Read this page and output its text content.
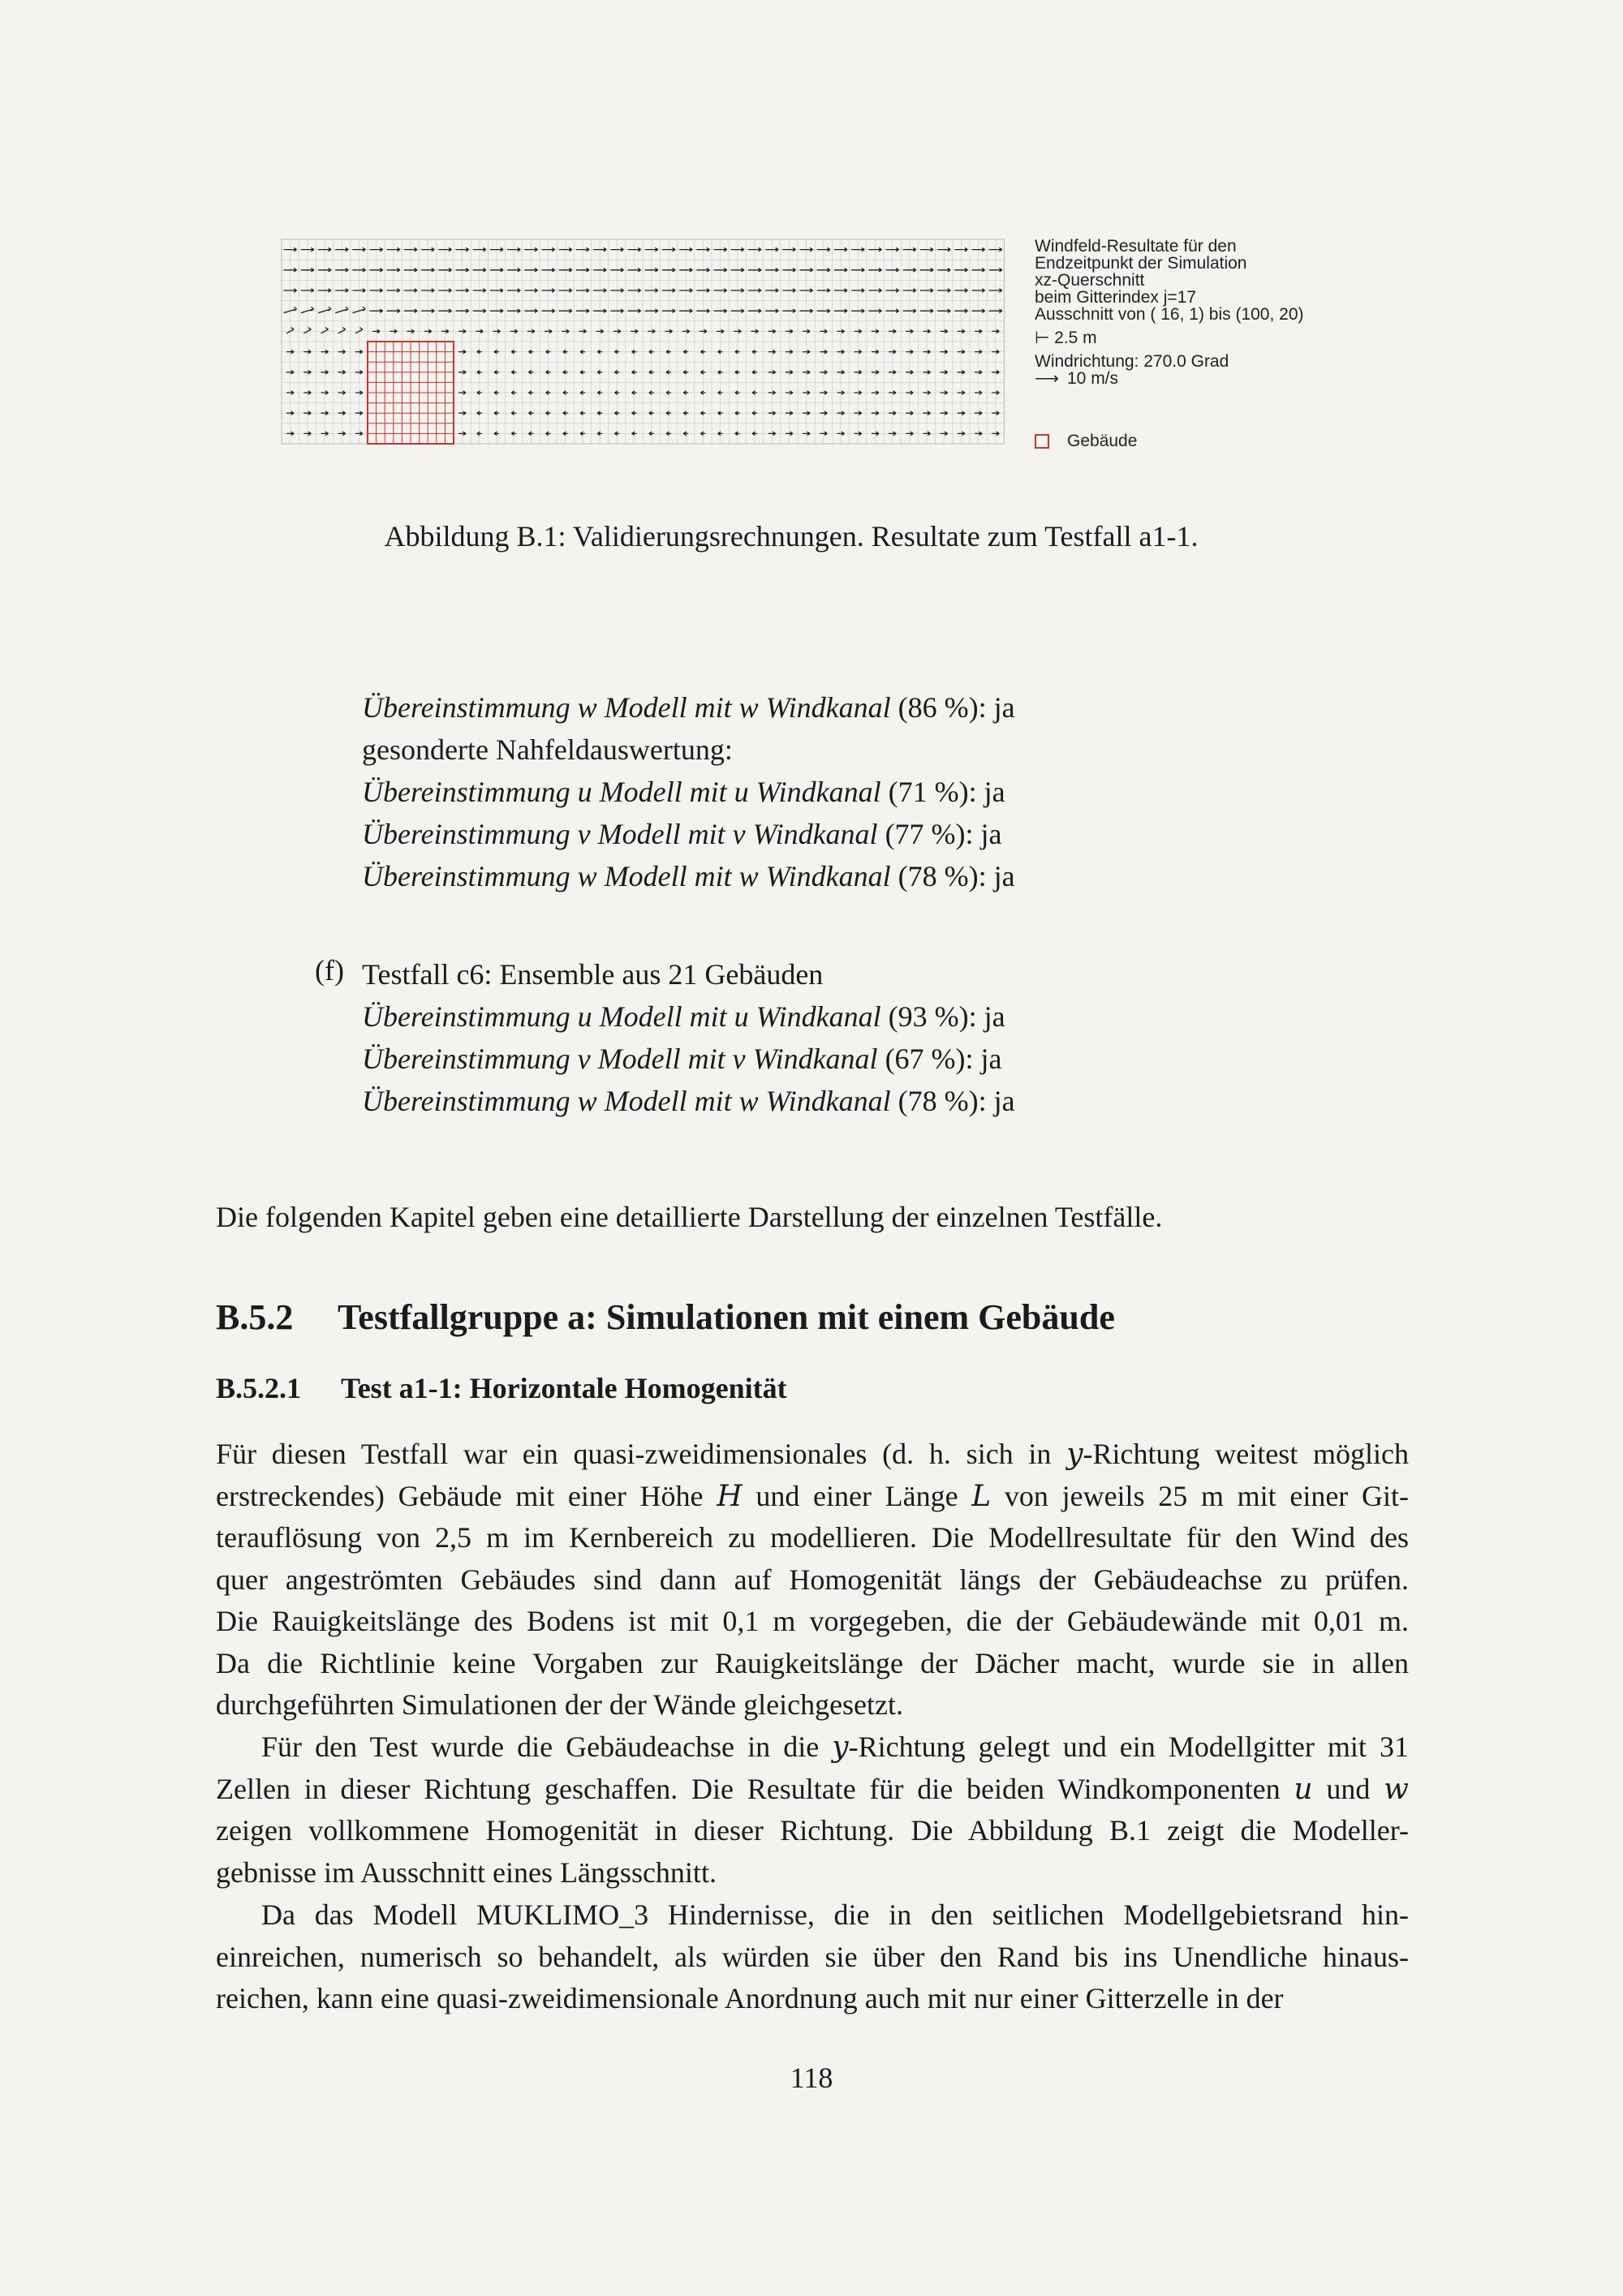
Windfeld-Resultate für den
Endzeitpunkt der Simulation
xz-Querschnitt
beim Gitterindex j=17
Ausschnitt von ( 16, 1) bis (100, 20)
⊢ 2.5 m
Windrichtung: 270.0 Grad
⟶ 10 m/s
Gebäude
Abbildung B.1: Validierungsrechnungen. Resultate zum Testfall a1-1.
Übereinstimmung w Modell mit w Windkanal (86 %): ja
gesonderte Nahfeldauswertung:
Übereinstimmung u Modell mit u Windkanal (71 %): ja
Übereinstimmung v Modell mit v Windkanal (77 %): ja
Übereinstimmung w Modell mit w Windkanal (78 %): ja
(f) Testfall c6: Ensemble aus 21 Gebäuden
Übereinstimmung u Modell mit u Windkanal (93 %): ja
Übereinstimmung v Modell mit v Windkanal (67 %): ja
Übereinstimmung w Modell mit w Windkanal (78 %): ja
Die folgenden Kapitel geben eine detaillierte Darstellung der einzelnen Testfälle.
B.5.2 Testfallgruppe a: Simulationen mit einem Gebäude
B.5.2.1 Test a1-1: Horizontale Homogenität
Für diesen Testfall war ein quasi-zweidimensionales (d. h. sich in y-Richtung weitest möglich
erstreckendes) Gebäude mit einer Höhe H und einer Länge L von jeweils 25 m mit einer Git-
terauflösung von 2,5 m im Kernbereich zu modellieren. Die Modellresultate für den Wind des
quer angeströmten Gebäudes sind dann auf Homogenität längs der Gebäudeachse zu prüfen.
Die Rauigkeitslänge des Bodens ist mit 0,1 m vorgegeben, die der Gebäudewände mit 0,01 m.
Da die Richtlinie keine Vorgaben zur Rauigkeitslänge der Dächer macht, wurde sie in allen
durchgeführten Simulationen der der Wände gleichgesetzt.
Für den Test wurde die Gebäudeachse in die y-Richtung gelegt und ein Modellgitter mit 31
Zellen in dieser Richtung geschaffen. Die Resultate für die beiden Windkomponenten u und w
zeigen vollkommene Homogenität in dieser Richtung. Die Abbildung B.1 zeigt die Modeller-
gebnisse im Ausschnitt eines Längsschnitt.
Da das Modell MUKLIMO_3 Hindernisse, die in den seitlichen Modellgebietsrand hin-
einreichen, numerisch so behandelt, als würden sie über den Rand bis ins Unendliche hinaus-
reichen, kann eine quasi-zweidimensionale Anordnung auch mit nur einer Gitterzelle in der
118
